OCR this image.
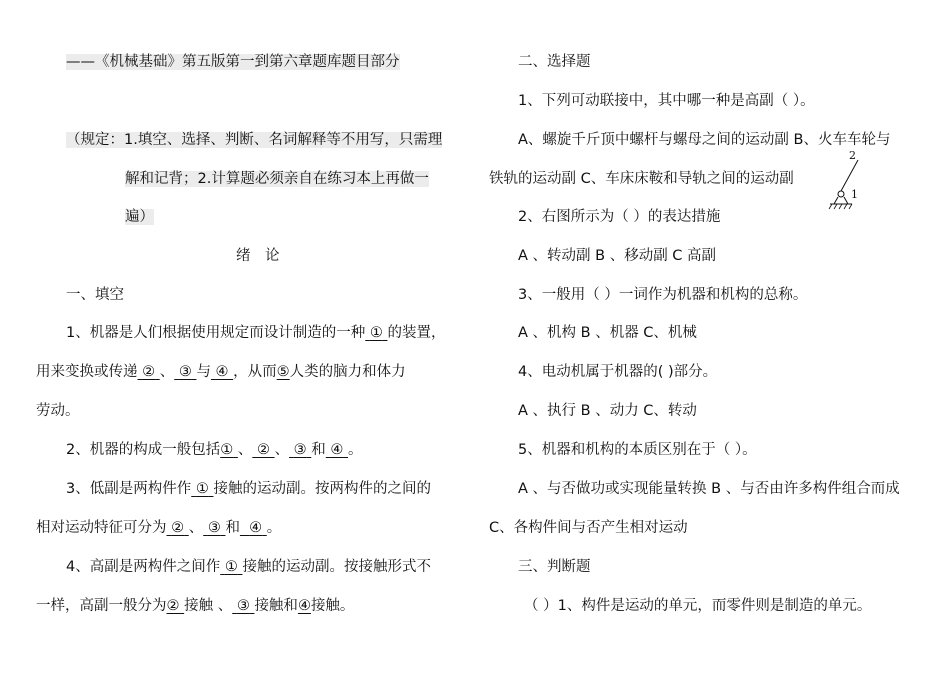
——《机械基础》第五版第一到第六章题库题目部分
（规定：1.填空、选择、判断、名词解释等不用写，只需理
解和记背；2.计算题必须亲自在练习本上再做一
遍）
绪　论
一、填空
1、机器是人们根据使用规定而设计制造的一种 ① 的装置，
用来变换或传递 ② 、 ③ 与 ④ ，从而⑤人类的脑力和体力
劳动。
2、机器的构成一般包括① 、 ② 、 ③ 和 ④ 。
3、低副是两构件作 ① 接触的运动副。按两构件的之间的
相对运动特征可分为 ② 、 ③ 和 ④ 。
4、高副是两构件之间作 ① 接触的运动副。按接触形式不
一样，高副一般分为② 接触 、 ③ 接触和④接触。
二、选择题
1、下列可动联接中，其中哪一种是高副（ ）。
A、螺旋千斤顶中螺杆与螺母之间的运动副 B、火车车轮与
铁轨的运动副 C、车床床鞍和导轨之间的运动副
2、右图所示为（ ）的表达措施
A 、转动副 B 、移动副 C 高副
3、一般用（ ）一词作为机器和机构的总称。
A 、机构 B 、机器 C、机械
4、电动机属于机器的( )部分。
A 、执行 B 、动力 C、转动
5、机器和机构的本质区别在于（ ）。
A 、与否做功或实现能量转换 B 、与否由许多构件组合而成
C、各构件间与否产生相对运动
三、判断题
（ ）1、构件是运动的单元，而零件则是制造的单元。
2
1
